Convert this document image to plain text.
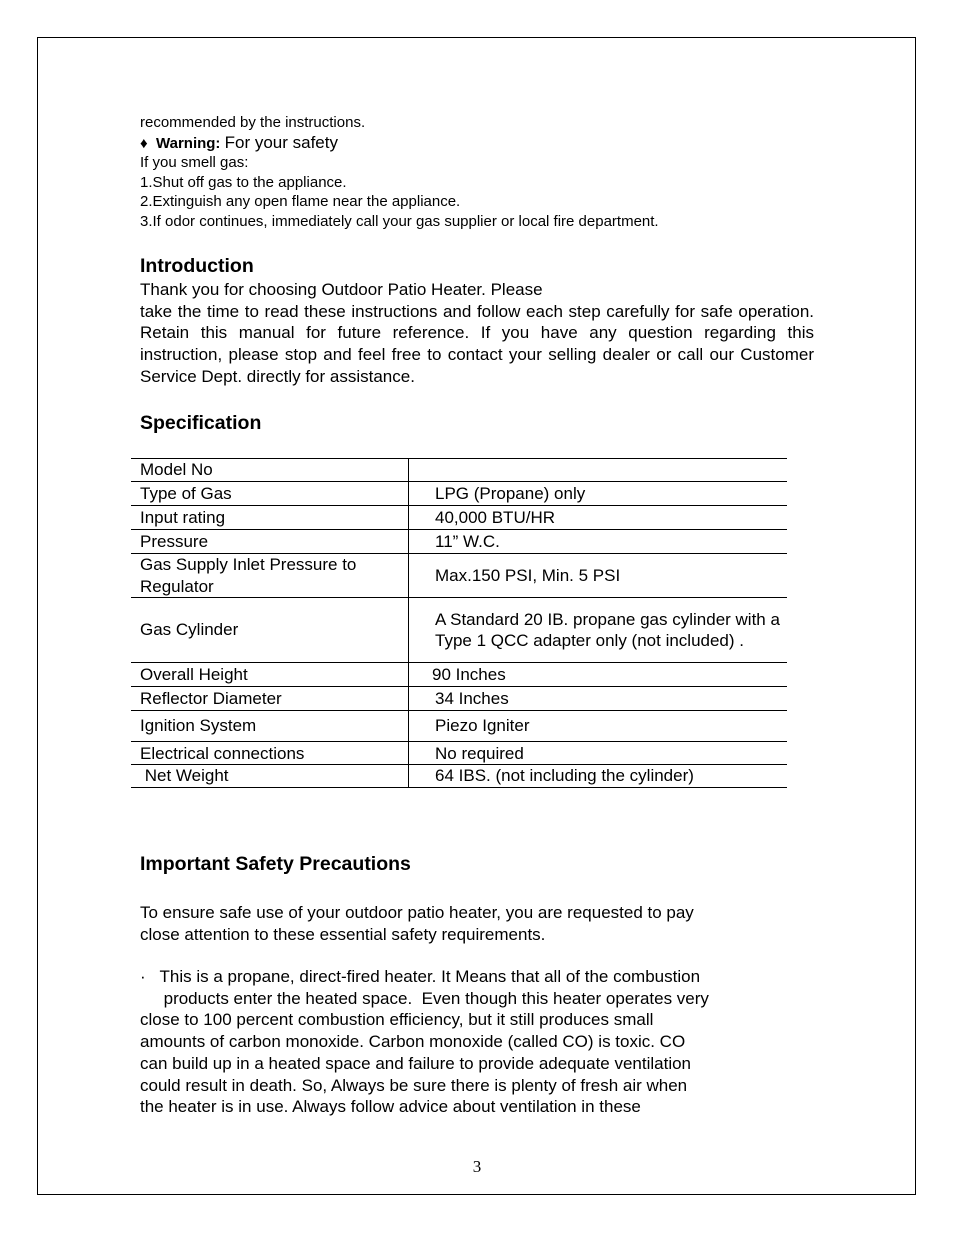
recommended by the instructions.

♦ Warning: For your safety

If you smell gas:

1.Shut off gas to the appliance.

2.Extinguish any open flame near the appliance.

3.If odor continues, immediately call your gas supplier or local fire department.

Introduction

Thank you for choosing Outdoor Patio Heater. Please

take the time to read these instructions and follow each step carefully for safe operation. Retain this manual for future reference. If you have any question regarding this instruction, please stop and feel free to contact your selling dealer or call our Customer Service Dept. directly for assistance.

Specification
Model No	
Type of Gas	LPG (Propane) only
Input rating	40,000 BTU/HR
Pressure	11” W.C.
Gas Supply Inlet Pressure to Regulator	Max.150 PSI, Min. 5 PSI
Gas Cylinder	A Standard 20 IB. propane gas cylinder with a Type 1 QCC adapter only (not included) .
Overall Height	90 Inches
Reflector Diameter	34 Inches
Ignition System	Piezo Igniter
Electrical connections	No required
Net Weight	64 IBS. (not including the cylinder)
Important Safety Precautions

To ensure safe use of your outdoor patio heater, you are requested to pay

close attention to these essential safety requirements.

·   This is a propane, direct-fired heater. It Means that all of the combustion

products enter the heated space.  Even though this heater operates very

close to 100 percent combustion efficiency, but it still produces small

amounts of carbon monoxide. Carbon monoxide (called CO) is toxic. CO

can build up in a heated space and failure to provide adequate ventilation

could result in death. So, Always be sure there is plenty of fresh air when

the heater is in use. Always follow advice about ventilation in these

3
